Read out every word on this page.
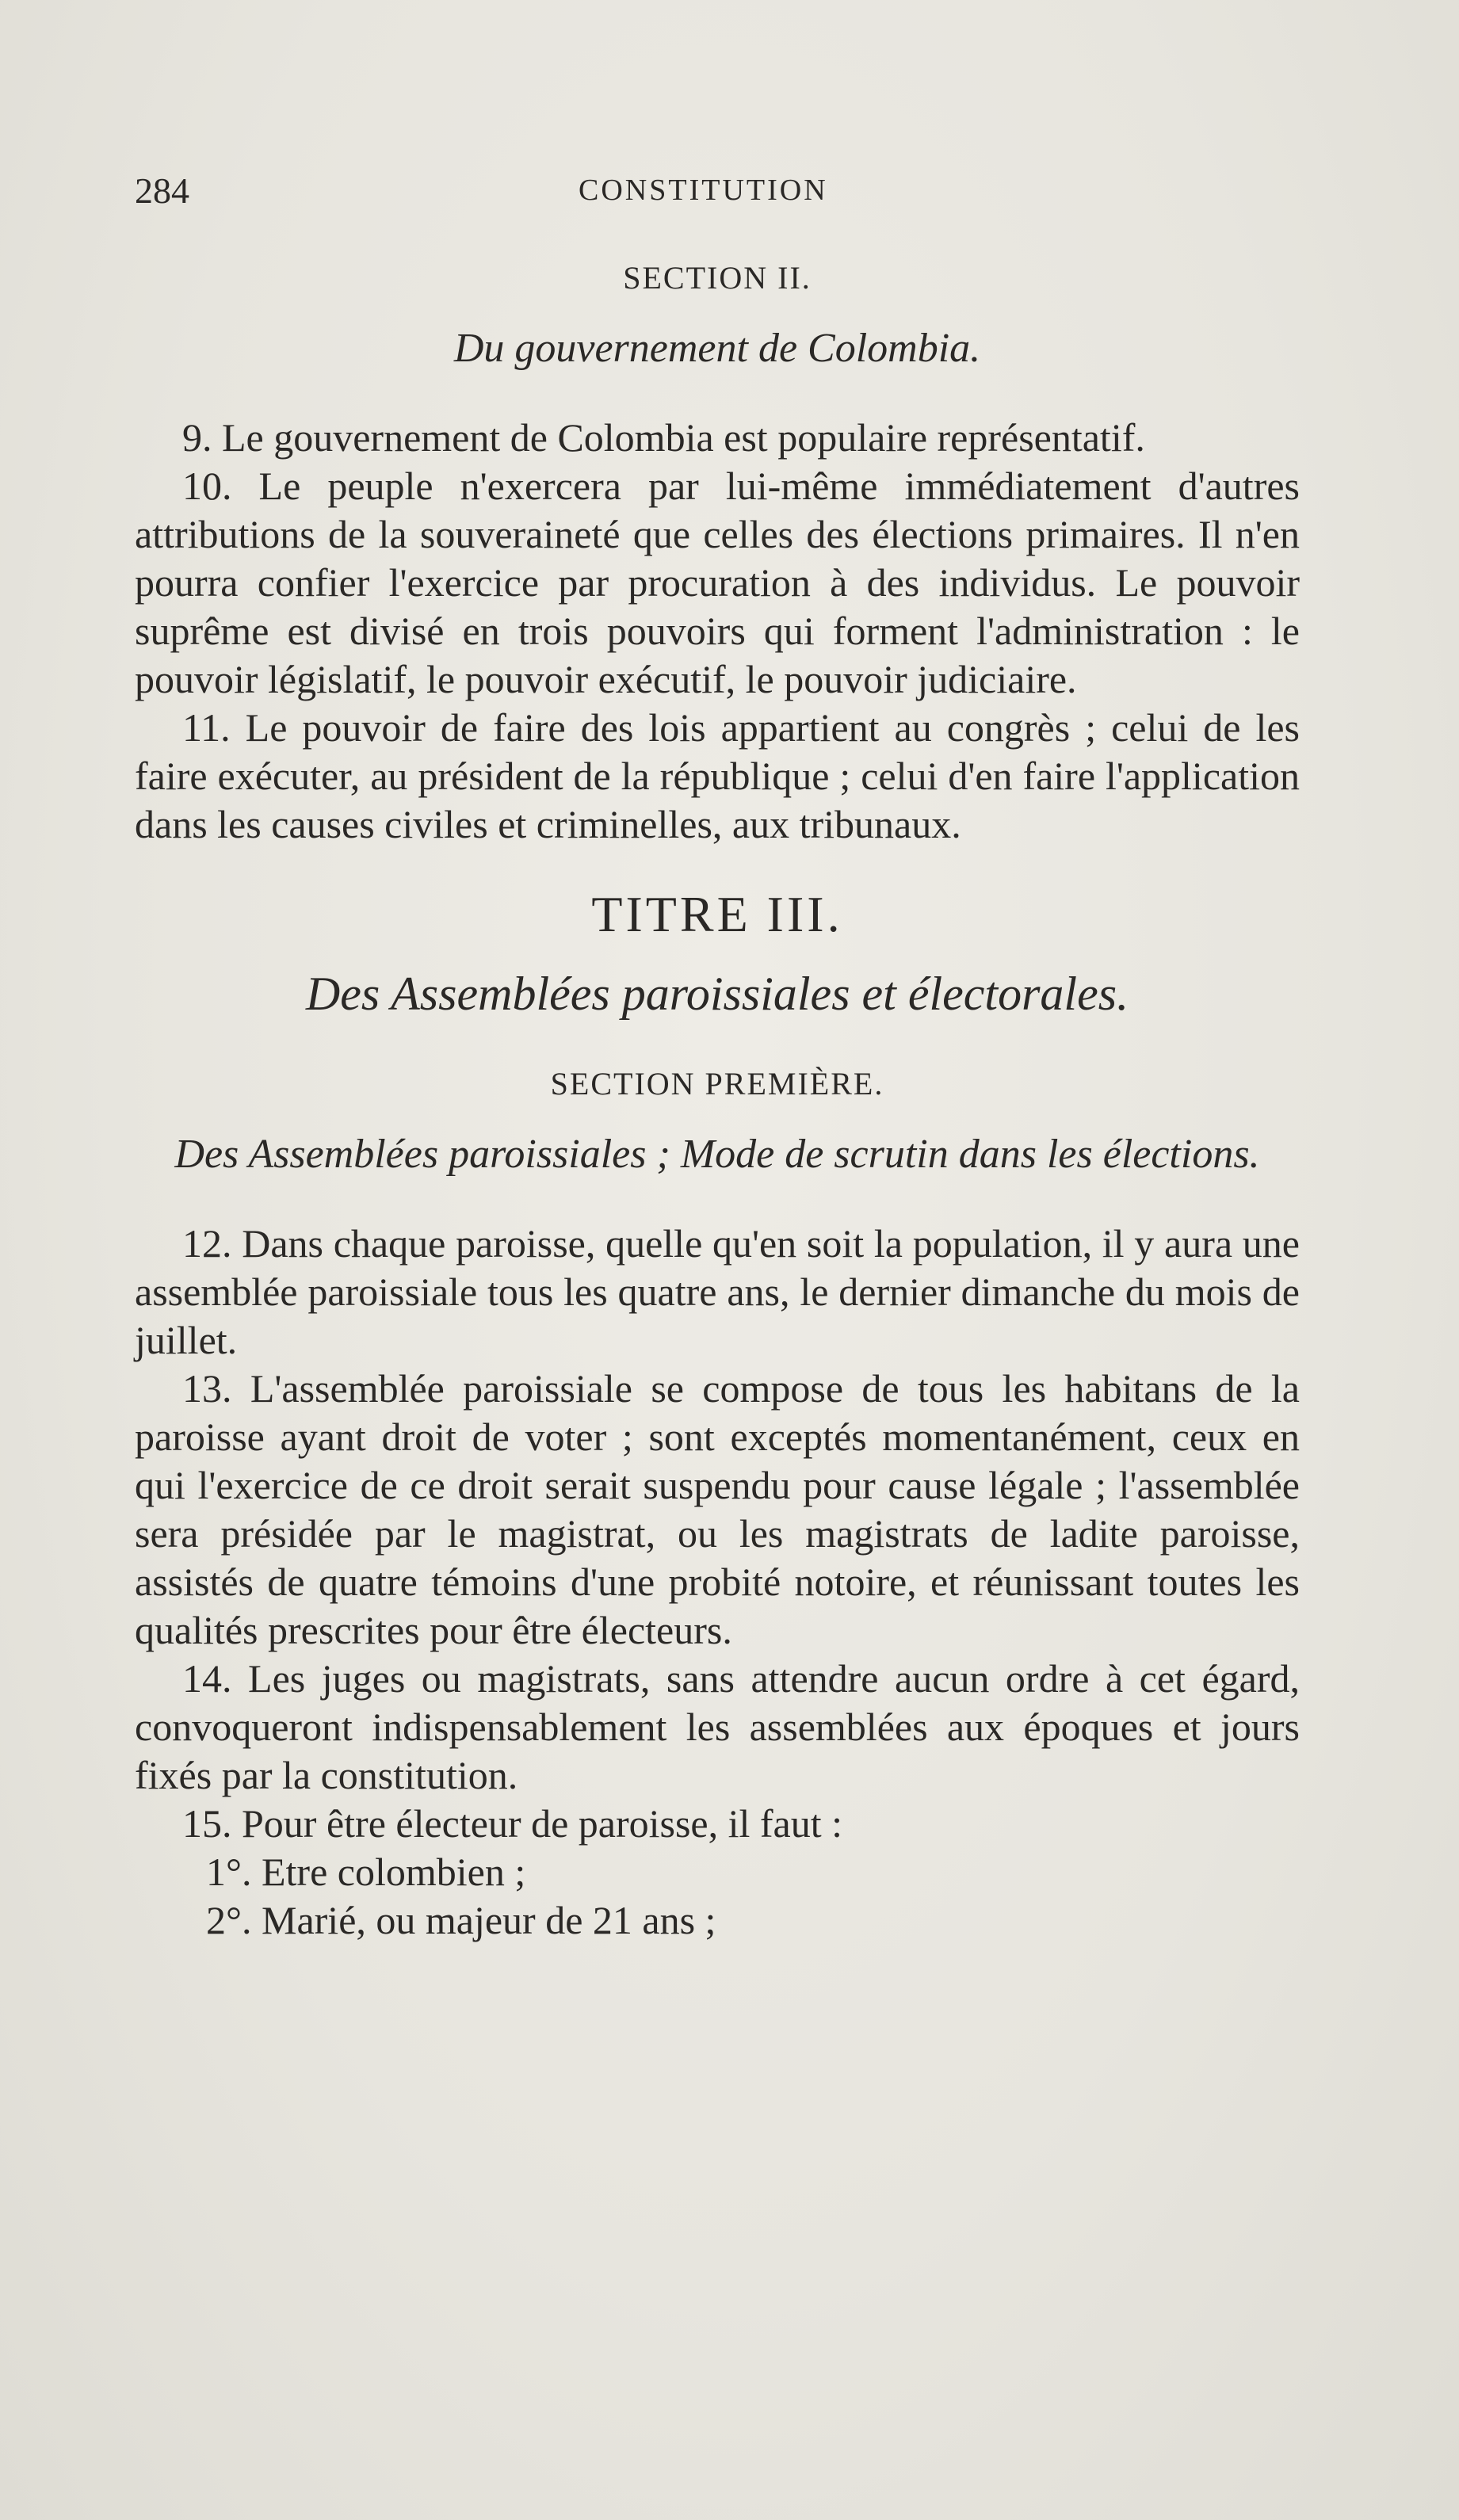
284	CONSTITUTION
SECTION II.
Du gouvernement de Colombia.

9. Le gouvernement de Colombia est populaire représentatif.

10. Le peuple n'exercera par lui-même immédiatement d'autres attributions de la souveraineté que celles des élections primaires. Il n'en pourra confier l'exercice par procuration à des individus. Le pouvoir suprême est divisé en trois pouvoirs qui forment l'administration : le pouvoir législatif, le pouvoir exécutif, le pouvoir judiciaire.

11. Le pouvoir de faire des lois appartient au congrès ; celui de les faire exécuter, au président de la république ; celui d'en faire l'application dans les causes civiles et criminelles, aux tribunaux.

TITRE III.
Des Assemblées paroissiales et électorales.
SECTION PREMIÈRE.
Des Assemblées paroissiales ; Mode de scrutin dans les élections.

12. Dans chaque paroisse, quelle qu'en soit la population, il y aura une assemblée paroissiale tous les quatre ans, le dernier dimanche du mois de juillet.

13. L'assemblée paroissiale se compose de tous les habitans de la paroisse ayant droit de voter ; sont exceptés momentanément, ceux en qui l'exercice de ce droit serait suspendu pour cause légale ; l'assemblée sera présidée par le magistrat, ou les magistrats de ladite paroisse, assistés de quatre témoins d'une probité notoire, et réunissant toutes les qualités prescrites pour être électeurs.

14. Les juges ou magistrats, sans attendre aucun ordre à cet égard, convoqueront indispensablement les assemblées aux époques et jours fixés par la constitution.

15. Pour être électeur de paroisse, il faut :

1°. Etre colombien ;

2°. Marié, ou majeur de 21 ans ;
